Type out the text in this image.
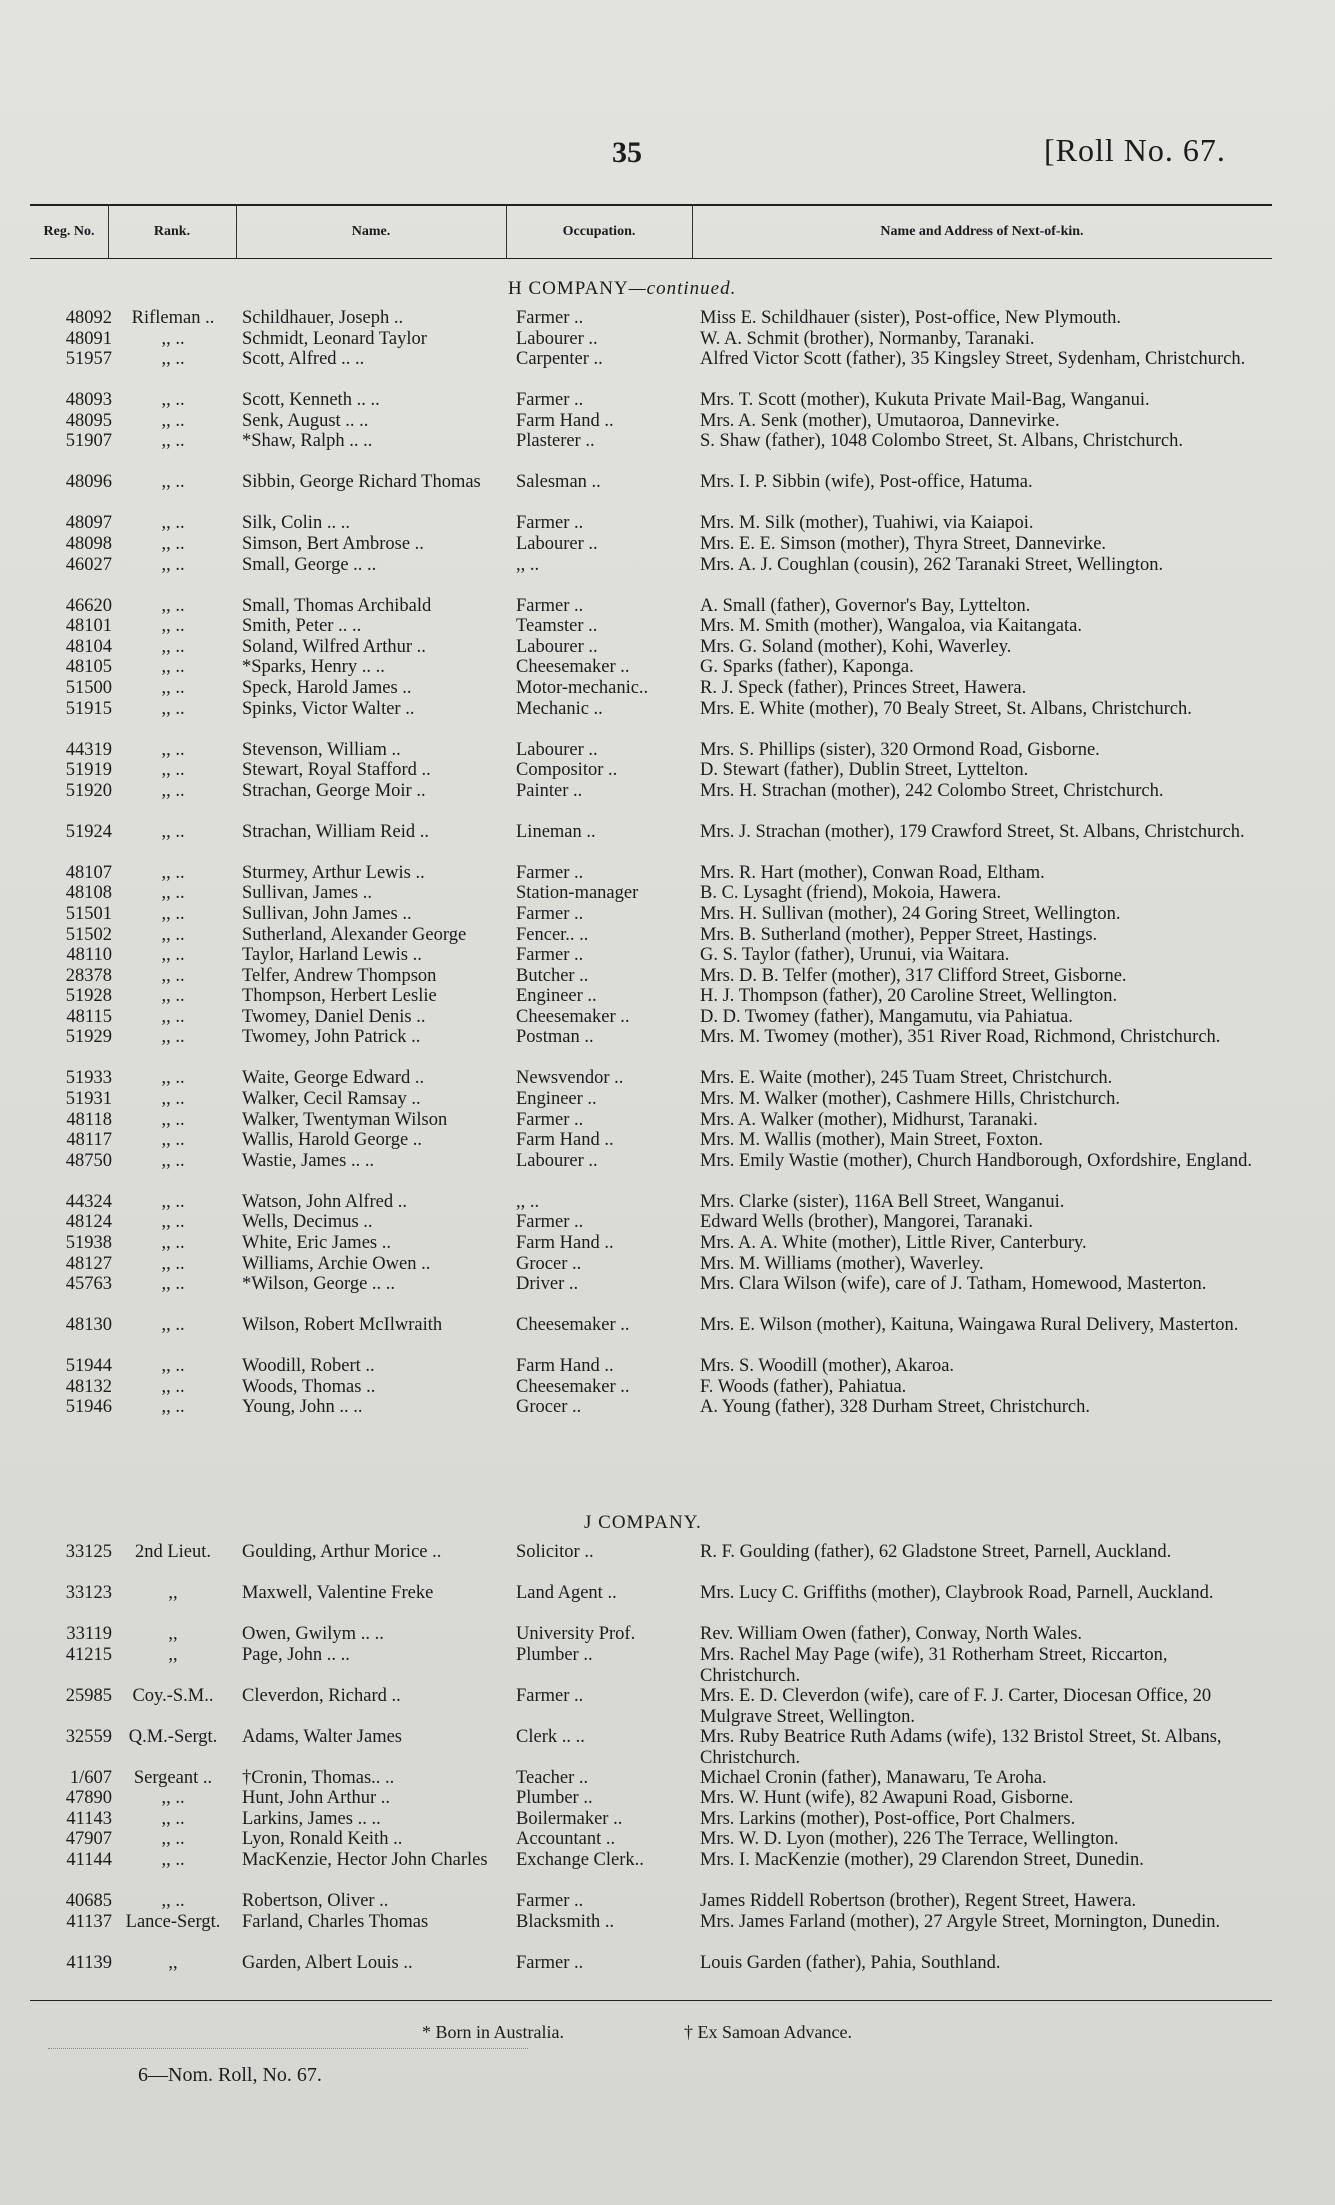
35	[Roll No. 67.
Reg. No.	Rank.	Name.	Occupation.	Name and Address of Next-of-kin.
H COMPANY—continued.
48092	Rifleman ..	Schildhauer, Joseph ..	Farmer ..	Miss E. Schildhauer (sister), Post-office, New Plymouth.
48091	,, ..	Schmidt, Leonard Taylor	Labourer ..	W. A. Schmit (brother), Normanby, Taranaki.
51957	,, ..	Scott, Alfred .. ..	Carpenter ..	Alfred Victor Scott (father), 35 Kingsley Street, Sydenham, Christchurch.
48093	,, ..	Scott, Kenneth .. ..	Farmer ..	Mrs. T. Scott (mother), Kukuta Private Mail-Bag, Wanganui.
48095	,, ..	Senk, August .. ..	Farm Hand ..	Mrs. A. Senk (mother), Umutaoroa, Dannevirke.
51907	,, ..	*Shaw, Ralph .. ..	Plasterer ..	S. Shaw (father), 1048 Colombo Street, St. Albans, Christchurch.
48096	,, ..	Sibbin, George Richard Thomas	Salesman ..	Mrs. I. P. Sibbin (wife), Post-office, Hatuma.
48097	,, ..	Silk, Colin .. ..	Farmer ..	Mrs. M. Silk (mother), Tuahiwi, via Kaiapoi.
48098	,, ..	Simson, Bert Ambrose ..	Labourer ..	Mrs. E. E. Simson (mother), Thyra Street, Dannevirke.
46027	,, ..	Small, George .. ..	,, ..	Mrs. A. J. Coughlan (cousin), 262 Taranaki Street, Wellington.
46620	,, ..	Small, Thomas Archibald	Farmer ..	A. Small (father), Governor's Bay, Lyttelton.
48101	,, ..	Smith, Peter .. ..	Teamster ..	Mrs. M. Smith (mother), Wangaloa, via Kaitangata.
48104	,, ..	Soland, Wilfred Arthur ..	Labourer ..	Mrs. G. Soland (mother), Kohi, Waverley.
48105	,, ..	*Sparks, Henry .. ..	Cheesemaker ..	G. Sparks (father), Kaponga.
51500	,, ..	Speck, Harold James ..	Motor-mechanic..	R. J. Speck (father), Princes Street, Hawera.
51915	,, ..	Spinks, Victor Walter ..	Mechanic ..	Mrs. E. White (mother), 70 Bealy Street, St. Albans, Christchurch.
44319	,, ..	Stevenson, William ..	Labourer ..	Mrs. S. Phillips (sister), 320 Ormond Road, Gisborne.
51919	,, ..	Stewart, Royal Stafford ..	Compositor ..	D. Stewart (father), Dublin Street, Lyttelton.
51920	,, ..	Strachan, George Moir ..	Painter ..	Mrs. H. Strachan (mother), 242 Colombo Street, Christchurch.
51924	,, ..	Strachan, William Reid ..	Lineman ..	Mrs. J. Strachan (mother), 179 Crawford Street, St. Albans, Christchurch.
48107	,, ..	Sturmey, Arthur Lewis ..	Farmer ..	Mrs. R. Hart (mother), Conwan Road, Eltham.
48108	,, ..	Sullivan, James ..	Station-manager	B. C. Lysaght (friend), Mokoia, Hawera.
51501	,, ..	Sullivan, John James ..	Farmer ..	Mrs. H. Sullivan (mother), 24 Goring Street, Wellington.
51502	,, ..	Sutherland, Alexander George	Fencer.. ..	Mrs. B. Sutherland (mother), Pepper Street, Hastings.
48110	,, ..	Taylor, Harland Lewis ..	Farmer ..	G. S. Taylor (father), Urunui, via Waitara.
28378	,, ..	Telfer, Andrew Thompson	Butcher ..	Mrs. D. B. Telfer (mother), 317 Clifford Street, Gisborne.
51928	,, ..	Thompson, Herbert Leslie	Engineer ..	H. J. Thompson (father), 20 Caroline Street, Wellington.
48115	,, ..	Twomey, Daniel Denis ..	Cheesemaker ..	D. D. Twomey (father), Mangamutu, via Pahiatua.
51929	,, ..	Twomey, John Patrick ..	Postman ..	Mrs. M. Twomey (mother), 351 River Road, Richmond, Christchurch.
51933	,, ..	Waite, George Edward ..	Newsvendor ..	Mrs. E. Waite (mother), 245 Tuam Street, Christchurch.
51931	,, ..	Walker, Cecil Ramsay ..	Engineer ..	Mrs. M. Walker (mother), Cashmere Hills, Christchurch.
48118	,, ..	Walker, Twentyman Wilson	Farmer ..	Mrs. A. Walker (mother), Midhurst, Taranaki.
48117	,, ..	Wallis, Harold George ..	Farm Hand ..	Mrs. M. Wallis (mother), Main Street, Foxton.
48750	,, ..	Wastie, James .. ..	Labourer ..	Mrs. Emily Wastie (mother), Church Handborough, Oxfordshire, England.
44324	,, ..	Watson, John Alfred ..	,, ..	Mrs. Clarke (sister), 116A Bell Street, Wanganui.
48124	,, ..	Wells, Decimus ..	Farmer ..	Edward Wells (brother), Mangorei, Taranaki.
51938	,, ..	White, Eric James ..	Farm Hand ..	Mrs. A. A. White (mother), Little River, Canterbury.
48127	,, ..	Williams, Archie Owen ..	Grocer ..	Mrs. M. Williams (mother), Waverley.
45763	,, ..	*Wilson, George .. ..	Driver ..	Mrs. Clara Wilson (wife), care of J. Tatham, Homewood, Masterton.
48130	,, ..	Wilson, Robert McIlwraith	Cheesemaker ..	Mrs. E. Wilson (mother), Kaituna, Waingawa Rural Delivery, Masterton.
51944	,, ..	Woodill, Robert ..	Farm Hand ..	Mrs. S. Woodill (mother), Akaroa.
48132	,, ..	Woods, Thomas ..	Cheesemaker ..	F. Woods (father), Pahiatua.
51946	,, ..	Young, John .. ..	Grocer ..	A. Young (father), 328 Durham Street, Christchurch.
J COMPANY.
33125	2nd Lieut.	Goulding, Arthur Morice ..	Solicitor ..	R. F. Goulding (father), 62 Gladstone Street, Parnell, Auckland.
33123	,,	Maxwell, Valentine Freke	Land Agent ..	Mrs. Lucy C. Griffiths (mother), Claybrook Road, Parnell, Auckland.
33119	,,	Owen, Gwilym .. ..	University Prof.	Rev. William Owen (father), Conway, North Wales.
41215	,,	Page, John .. ..	Plumber ..	Mrs. Rachel May Page (wife), 31 Rotherham Street, Riccarton, Christchurch.
25985	Coy.-S.M..	Cleverdon, Richard ..	Farmer ..	Mrs. E. D. Cleverdon (wife), care of F. J. Carter, Diocesan Office, 20 Mulgrave Street, Wellington.
32559 Q.M.-Sergt.	Adams, Walter James	Clerk .. ..	Mrs. Ruby Beatrice Ruth Adams (wife), 132 Bristol Street, St. Albans, Christchurch.
1/607	Sergeant ..	†Cronin, Thomas.. ..	Teacher ..	Michael Cronin (father), Manawaru, Te Aroha.
47890	,, ..	Hunt, John Arthur ..	Plumber ..	Mrs. W. Hunt (wife), 82 Awapuni Road, Gisborne.
41143	,, ..	Larkins, James .. ..	Boilermaker ..	Mrs. Larkins (mother), Post-office, Port Chalmers.
47907	,, ..	Lyon, Ronald Keith ..	Accountant ..	Mrs. W. D. Lyon (mother), 226 The Terrace, Wellington.
41144	,, ..	MacKenzie, Hector John Charles	Exchange Clerk..	Mrs. I. MacKenzie (mother), 29 Clarendon Street, Dunedin.
40685	,, ..	Robertson, Oliver ..	Farmer ..	James Riddell Robertson (brother), Regent Street, Hawera.
41137 Lance-Sergt.	Farland, Charles Thomas	Blacksmith ..	Mrs. James Farland (mother), 27 Argyle Street, Mornington, Dunedin.
41139	,,	Garden, Albert Louis ..	Farmer ..	Louis Garden (father), Pahia, Southland.
* Born in Australia.	† Ex Samoan Advance.
6—Nom. Roll, No. 67.
